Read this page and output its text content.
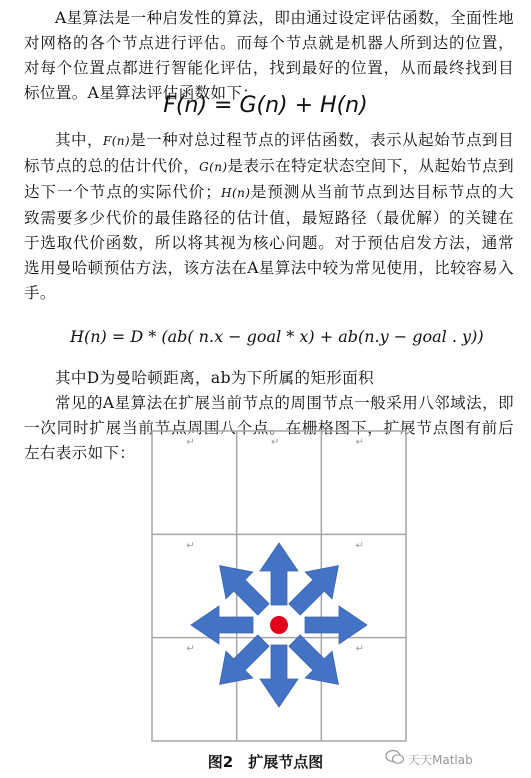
A星算法是一种启发性的算法，即由通过设定评估函数，全面性地对网格的各个节点进行评估。而每个节点就是机器人所到达的位置，对每个位置点都进行智能化评估，找到最好的位置，从而最终找到目标位置。A星算法评估函数如下：

F(n) = G(n) + H(n)

其中，F(n)是一种对总过程节点的评估函数，表示从起始节点到目标节点的总的估计代价，G(n)是表示在特定状态空间下，从起始节点到达下一个节点的实际代价；H(n)是预测从当前节点到达目标节点的大致需要多少代价的最佳路径的估计值，最短路径（最优解）的关键在于选取代价函数，所以将其视为核心问题。对于预估启发方法，通常选用曼哈顿预估方法，该方法在A星算法中较为常见使用，比较容易入手。

H(n) = D * (ab( n.x − goal * x) + ab(n.y − goal . y))

其中D为曼哈顿距离，ab为下所属的矩形面积

常见的A星算法在扩展当前节点的周围节点一般采用八邻域法，即一次同时扩展当前节点周围八个点。在栅格图下，扩展节点图有前后左右表示如下：

↵	↵	↵
↵	↵
↵	↵
图2　扩展节点图	天天Matlab
